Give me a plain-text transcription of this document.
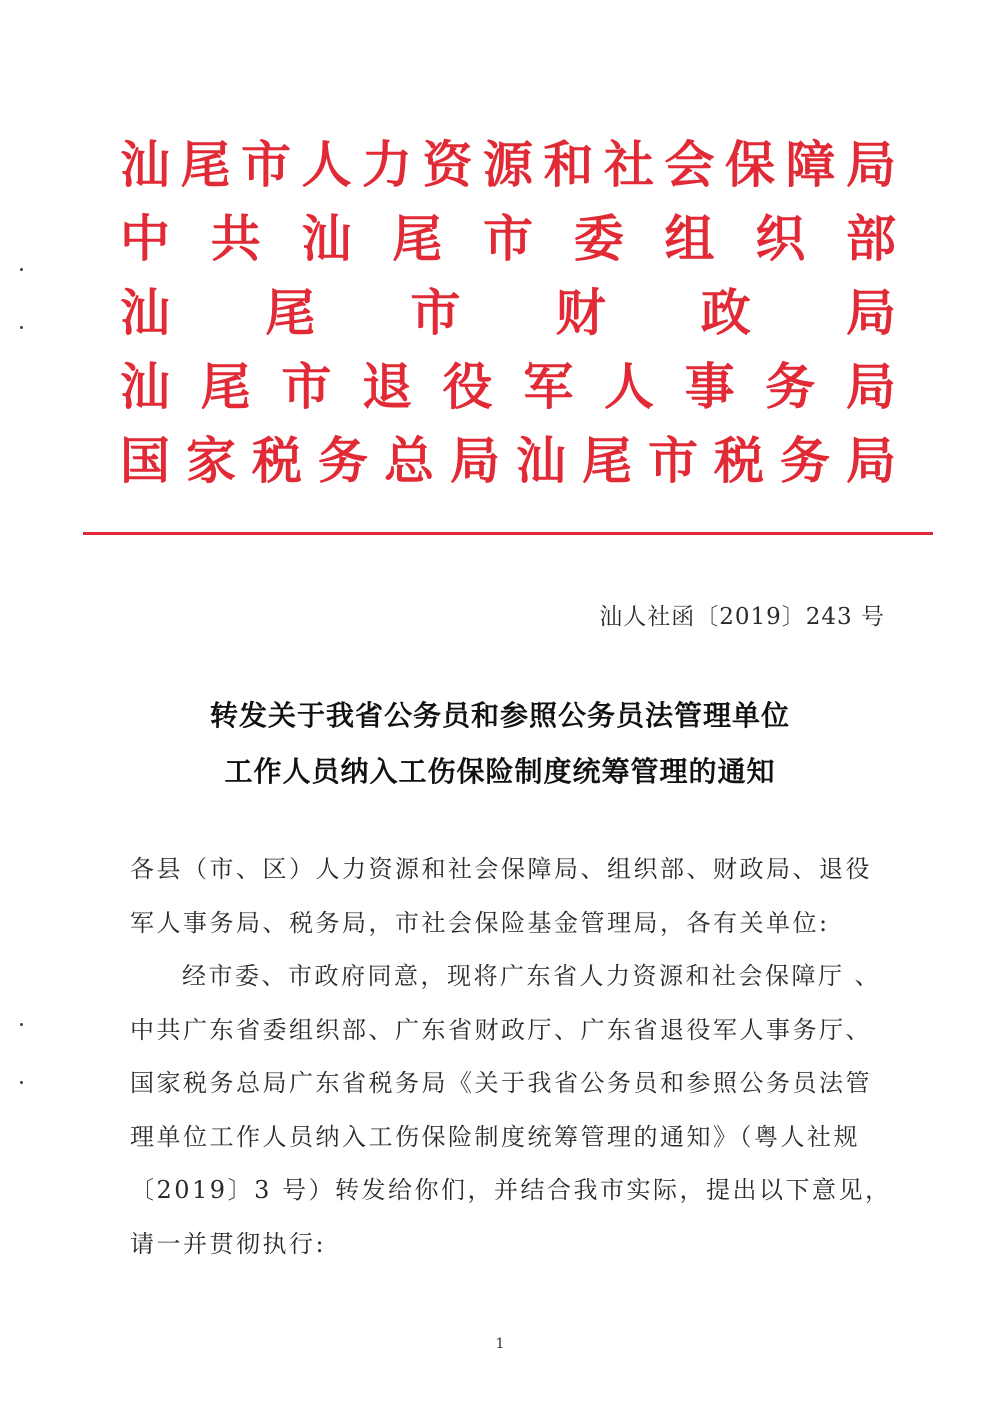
汕 尾 市 人 力 资 源 和 社 会 保 障 局
中 共 汕 尾 市 委 组 织 部
汕 尾 市 财 政 局
汕 尾 市 退 役 军 人 事 务 局
国 家 税 务 总 局 汕 尾 市 税 务 局
汕人社函〔2019〕243 号
转发关于我省公务员和参照公务员法管理单位
工作人员纳入工伤保险制度统筹管理的通知
各县（市、区）人力资源和社会保障局、组织部、财政局、退役
军人事务局、税务局，市社会保险基金管理局，各有关单位:
经市委、市政府同意，现将广东省人力资源和社会保障厅 、
中共广东省委组织部、广东省财政厅、广东省退役军人事务厅、
国家税务总局广东省税务局《关于我省公务员和参照公务员法管
理单位工作人员纳入工伤保险制度统筹管理的通知》（粤人社规
〔2019〕3 号）转发给你们，并结合我市实际，提出以下意见，
请一并贯彻执行:
1
